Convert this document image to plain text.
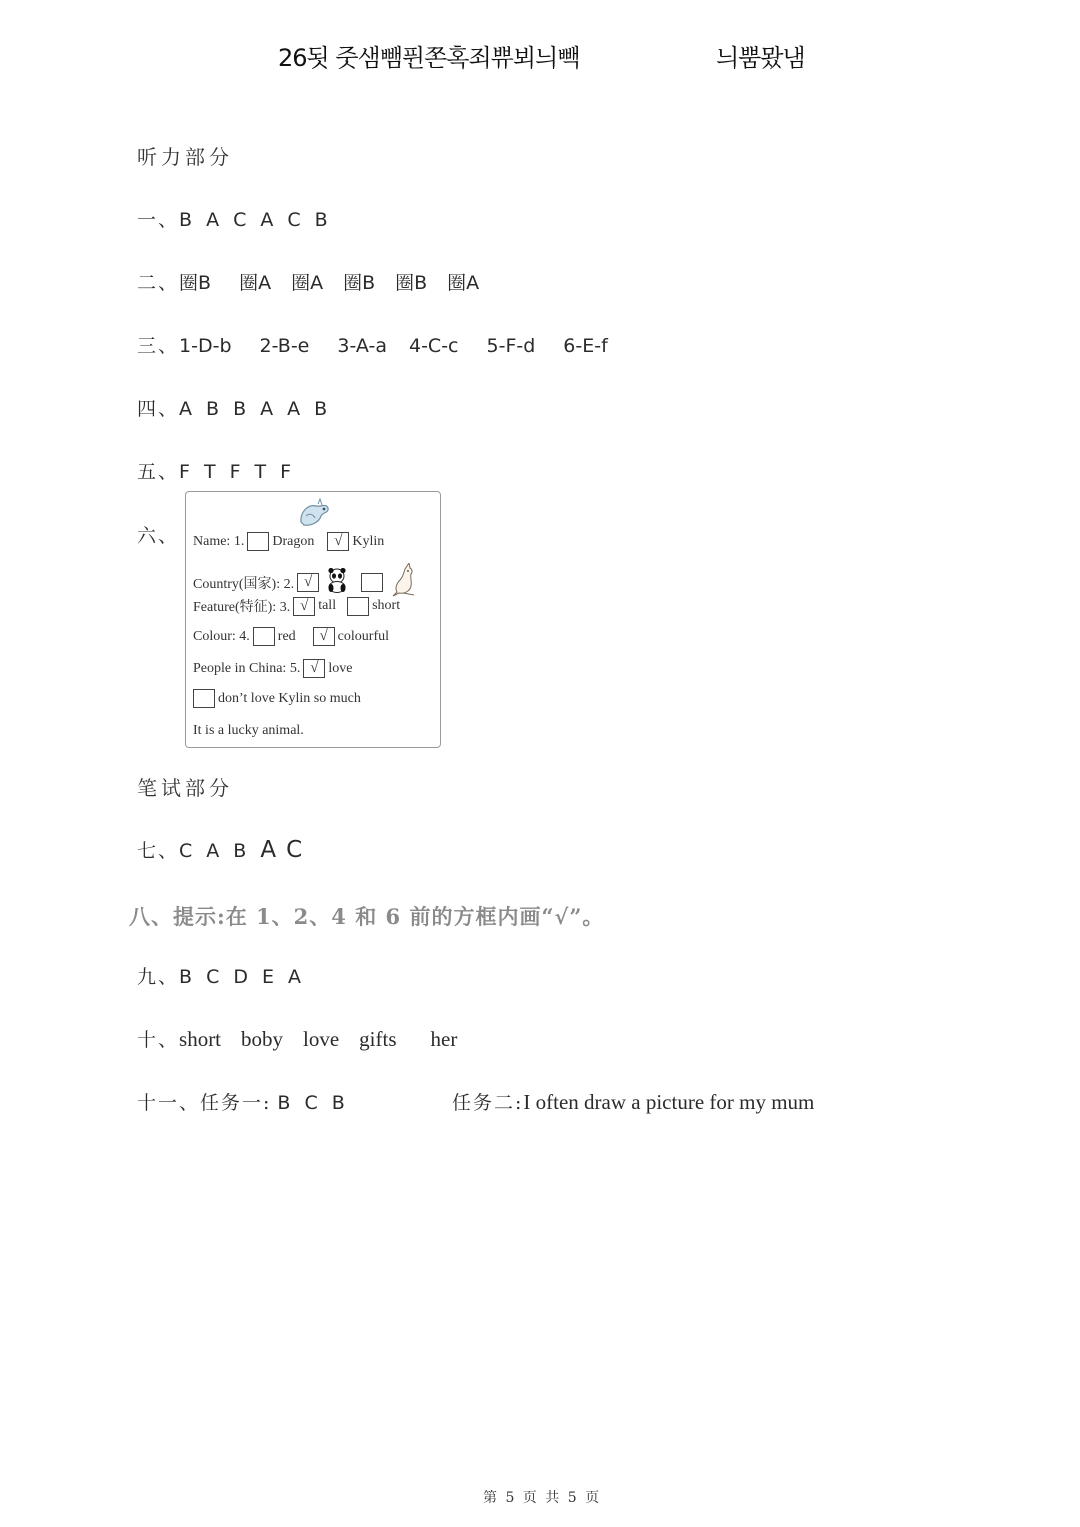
26됫 줏샘뺌퓐쫀혹죄쀼뵈늬빽	늬뿜뫘냄
听力部分
一、B A C A C B
二、圈B 圈A 圈A 圈B 圈B 圈A
三、1-D-b 2-B-e 3-A-a 4-C-c 5-F-d 6-E-f
四、A B B A A B
五、F T F T F
六、 Name: 1. Dragon	√ Kylin
Country(国家): 2. √
Feature(特征): 3. √ tall	short
Colour: 4. red	√ colourful
People in China: 5. √ love
don’t love Kylin so much
It is a lucky animal.
笔试部分
七、C A B A C
八、提示:在 1、2、4 和 6 前的方框内画“√”。
九、B C D E A
十、short boby love gifts her
十一、任务一: B C B	任务二:I often draw a picture for my mum
第 5 页 共 5 页
